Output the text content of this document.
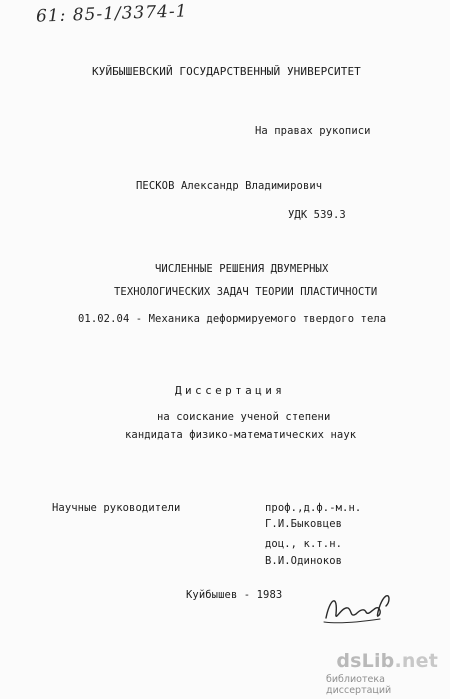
61: 85-1/3374-1
КУЙБЫШЕВСКИЙ ГОСУДАРСТВЕННЫЙ УНИВЕРСИТЕТ
На правах рукописи
ПЕСКОВ Александр Владимирович
УДК 539.3
ЧИСЛЕННЫЕ РЕШЕНИЯ ДВУМЕРНЫХ
ТЕХНОЛОГИЧЕСКИХ ЗАДАЧ ТЕОРИИ ПЛАСТИЧНОСТИ
01.02.04 - Механика деформируемого твердого тела
Диссертация
на соискание ученой степени
кандидата физико-математических наук
Научные руководители	проф.,д.ф.-м.н.
Г.И.Быковцев
доц., к.т.н.
В.И.Одиноков
Куйбышев - 1983
dsLib.net
библиотека диссертаций
